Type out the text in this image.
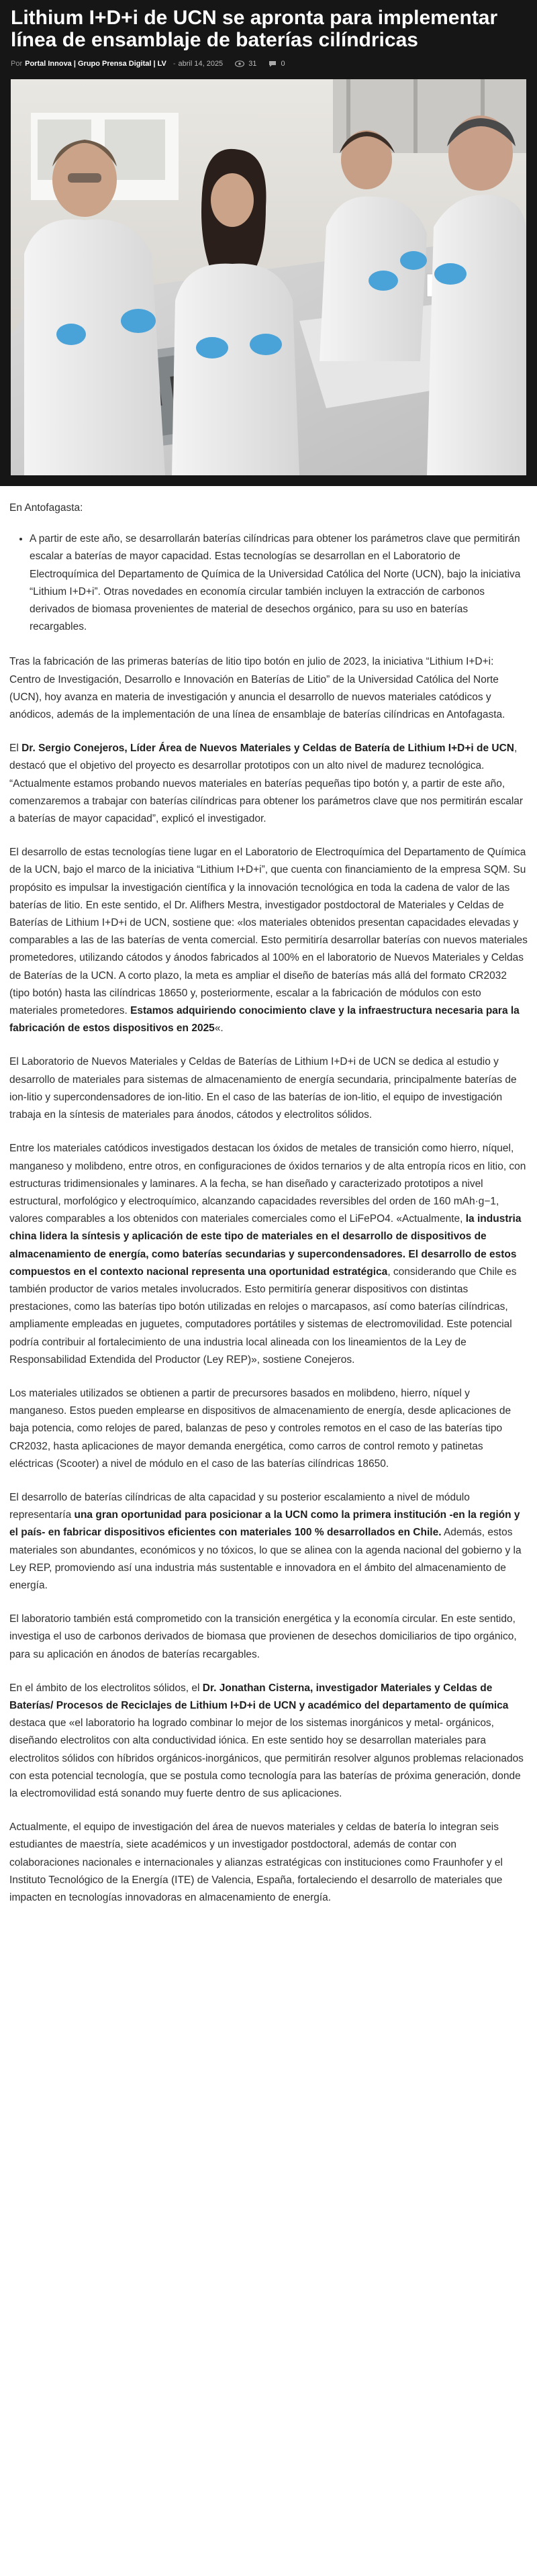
Lithium I+D+i de UCN se apronta para implementar línea de ensamblaje de baterías cilíndricas
Por Portal Innova | Grupo Prensa Digital | LV - abril 14, 2025	31	0

En Antofagasta:

• A partir de este año, se desarrollarán baterías cilíndricas para obtener los parámetros clave que permitirán escalar a baterías de mayor capacidad. Estas tecnologías se desarrollan en el Laboratorio de Electroquímica del Departamento de Química de la Universidad Católica del Norte (UCN), bajo la iniciativa “Lithium I+D+i”. Otras novedades en economía circular también incluyen la extracción de carbonos derivados de biomasa provenientes de material de desechos orgánico, para su uso en baterías recargables.

Tras la fabricación de las primeras baterías de litio tipo botón en julio de 2023, la iniciativa “Lithium I+D+i: Centro de Investigación, Desarrollo e Innovación en Baterías de Litio” de la Universidad Católica del Norte (UCN), hoy avanza en materia de investigación y anuncia el desarrollo de nuevos materiales catódicos y anódicos, además de la implementación de una línea de ensamblaje de baterías cilíndricas en Antofagasta.

El Dr. Sergio Conejeros, Líder Área de Nuevos Materiales y Celdas de Batería de Lithium I+D+i de UCN, destacó que el objetivo del proyecto es desarrollar prototipos con un alto nivel de madurez tecnológica. “Actualmente estamos probando nuevos materiales en baterías pequeñas tipo botón y, a partir de este año, comenzaremos a trabajar con baterías cilíndricas para obtener los parámetros clave que nos permitirán escalar a baterías de mayor capacidad”, explicó el investigador.

El desarrollo de estas tecnologías tiene lugar en el Laboratorio de Electroquímica del Departamento de Química de la UCN, bajo el marco de la iniciativa “Lithium I+D+i”, que cuenta con financiamiento de la empresa SQM. Su propósito es impulsar la investigación científica y la innovación tecnológica en toda la cadena de valor de las baterías de litio. En este sentido, el Dr. Alifhers Mestra, investigador postdoctoral de Materiales y Celdas de Baterías de Lithium I+D+i de UCN, sostiene que: «los materiales obtenidos presentan capacidades elevadas y comparables a las de las baterías de venta comercial. Esto permitiría desarrollar baterías con nuevos materiales prometedores, utilizando cátodos y ánodos fabricados al 100% en el laboratorio de Nuevos Materiales y Celdas de Baterías de la UCN. A corto plazo, la meta es ampliar el diseño de baterías más allá del formato CR2032 (tipo botón) hasta las cilíndricas 18650 y, posteriormente, escalar a la fabricación de módulos con esto materiales prometedores. Estamos adquiriendo conocimiento clave y la infraestructura necesaria para la fabricación de estos dispositivos en 2025«.

El Laboratorio de Nuevos Materiales y Celdas de Baterías de Lithium I+D+i de UCN se dedica al estudio y desarrollo de materiales para sistemas de almacenamiento de energía secundaria, principalmente baterías de ion-litio y supercondensadores de ion-litio. En el caso de las baterías de ion-litio, el equipo de investigación trabaja en la síntesis de materiales para ánodos, cátodos y electrolitos sólidos.

Entre los materiales catódicos investigados destacan los óxidos de metales de transición como hierro, níquel, manganeso y molibdeno, entre otros, en configuraciones de óxidos ternarios y de alta entropía ricos en litio, con estructuras tridimensionales y laminares. A la fecha, se han diseñado y caracterizado prototipos a nivel estructural, morfológico y electroquímico, alcanzando capacidades reversibles del orden de 160 mAh·g−1, valores comparables a los obtenidos con materiales comerciales como el LiFePO4. «Actualmente, la industria china lidera la síntesis y aplicación de este tipo de materiales en el desarrollo de dispositivos de almacenamiento de energía, como baterías secundarias y supercondensadores. El desarrollo de estos compuestos en el contexto nacional representa una oportunidad estratégica, considerando que Chile es también productor de varios metales involucrados. Esto permitiría generar dispositivos con distintas prestaciones, como las baterías tipo botón utilizadas en relojes o marcapasos, así como baterías cilíndricas, ampliamente empleadas en juguetes, computadores portátiles y sistemas de electromovilidad. Este potencial podría contribuir al fortalecimiento de una industria local alineada con los lineamientos de la Ley de Responsabilidad Extendida del Productor (Ley REP)», sostiene Conejeros.

Los materiales utilizados se obtienen a partir de precursores basados en molibdeno, hierro, níquel y manganeso. Estos pueden emplearse en dispositivos de almacenamiento de energía, desde aplicaciones de baja potencia, como relojes de pared, balanzas de peso y controles remotos en el caso de las baterías tipo CR2032, hasta aplicaciones de mayor demanda energética, como carros de control remoto y patinetas eléctricas (Scooter) a nivel de módulo en el caso de las baterías cilíndricas 18650.

El desarrollo de baterías cilíndricas de alta capacidad y su posterior escalamiento a nivel de módulo representaría una gran oportunidad para posicionar a la UCN como la primera institución -en la región y el país- en fabricar dispositivos eficientes con materiales 100 % desarrollados en Chile. Además, estos materiales son abundantes, económicos y no tóxicos, lo que se alinea con la agenda nacional del gobierno y la Ley REP, promoviendo así una industria más sustentable e innovadora en el ámbito del almacenamiento de energía.

El laboratorio también está comprometido con la transición energética y la economía circular. En este sentido, investiga el uso de carbonos derivados de biomasa que provienen de desechos domiciliarios de tipo orgánico, para su aplicación en ánodos de baterías recargables.

En el ámbito de los electrolitos sólidos, el Dr. Jonathan Cisterna, investigador Materiales y Celdas de Baterías/ Procesos de Reciclajes de Lithium I+D+i de UCN y académico del departamento de química destaca que «el laboratorio ha logrado combinar lo mejor de los sistemas inorgánicos y metal- orgánicos, diseñando electrolitos con alta conductividad iónica. En este sentido hoy se desarrollan materiales para electrolitos sólidos con híbridos orgánicos-inorgánicos, que permitirán resolver algunos problemas relacionados con esta potencial tecnología, que se postula como tecnología para las baterías de próxima generación, donde la electromovilidad está sonando muy fuerte dentro de sus aplicaciones.

Actualmente, el equipo de investigación del área de nuevos materiales y celdas de batería lo integran seis estudiantes de maestría, siete académicos y un investigador postdoctoral, además de contar con colaboraciones nacionales e internacionales y alianzas estratégicas con instituciones como Fraunhofer y el Instituto Tecnológico de la Energía (ITE) de Valencia, España, fortaleciendo el desarrollo de materiales que impacten en tecnologías innovadoras en almacenamiento de energía.
